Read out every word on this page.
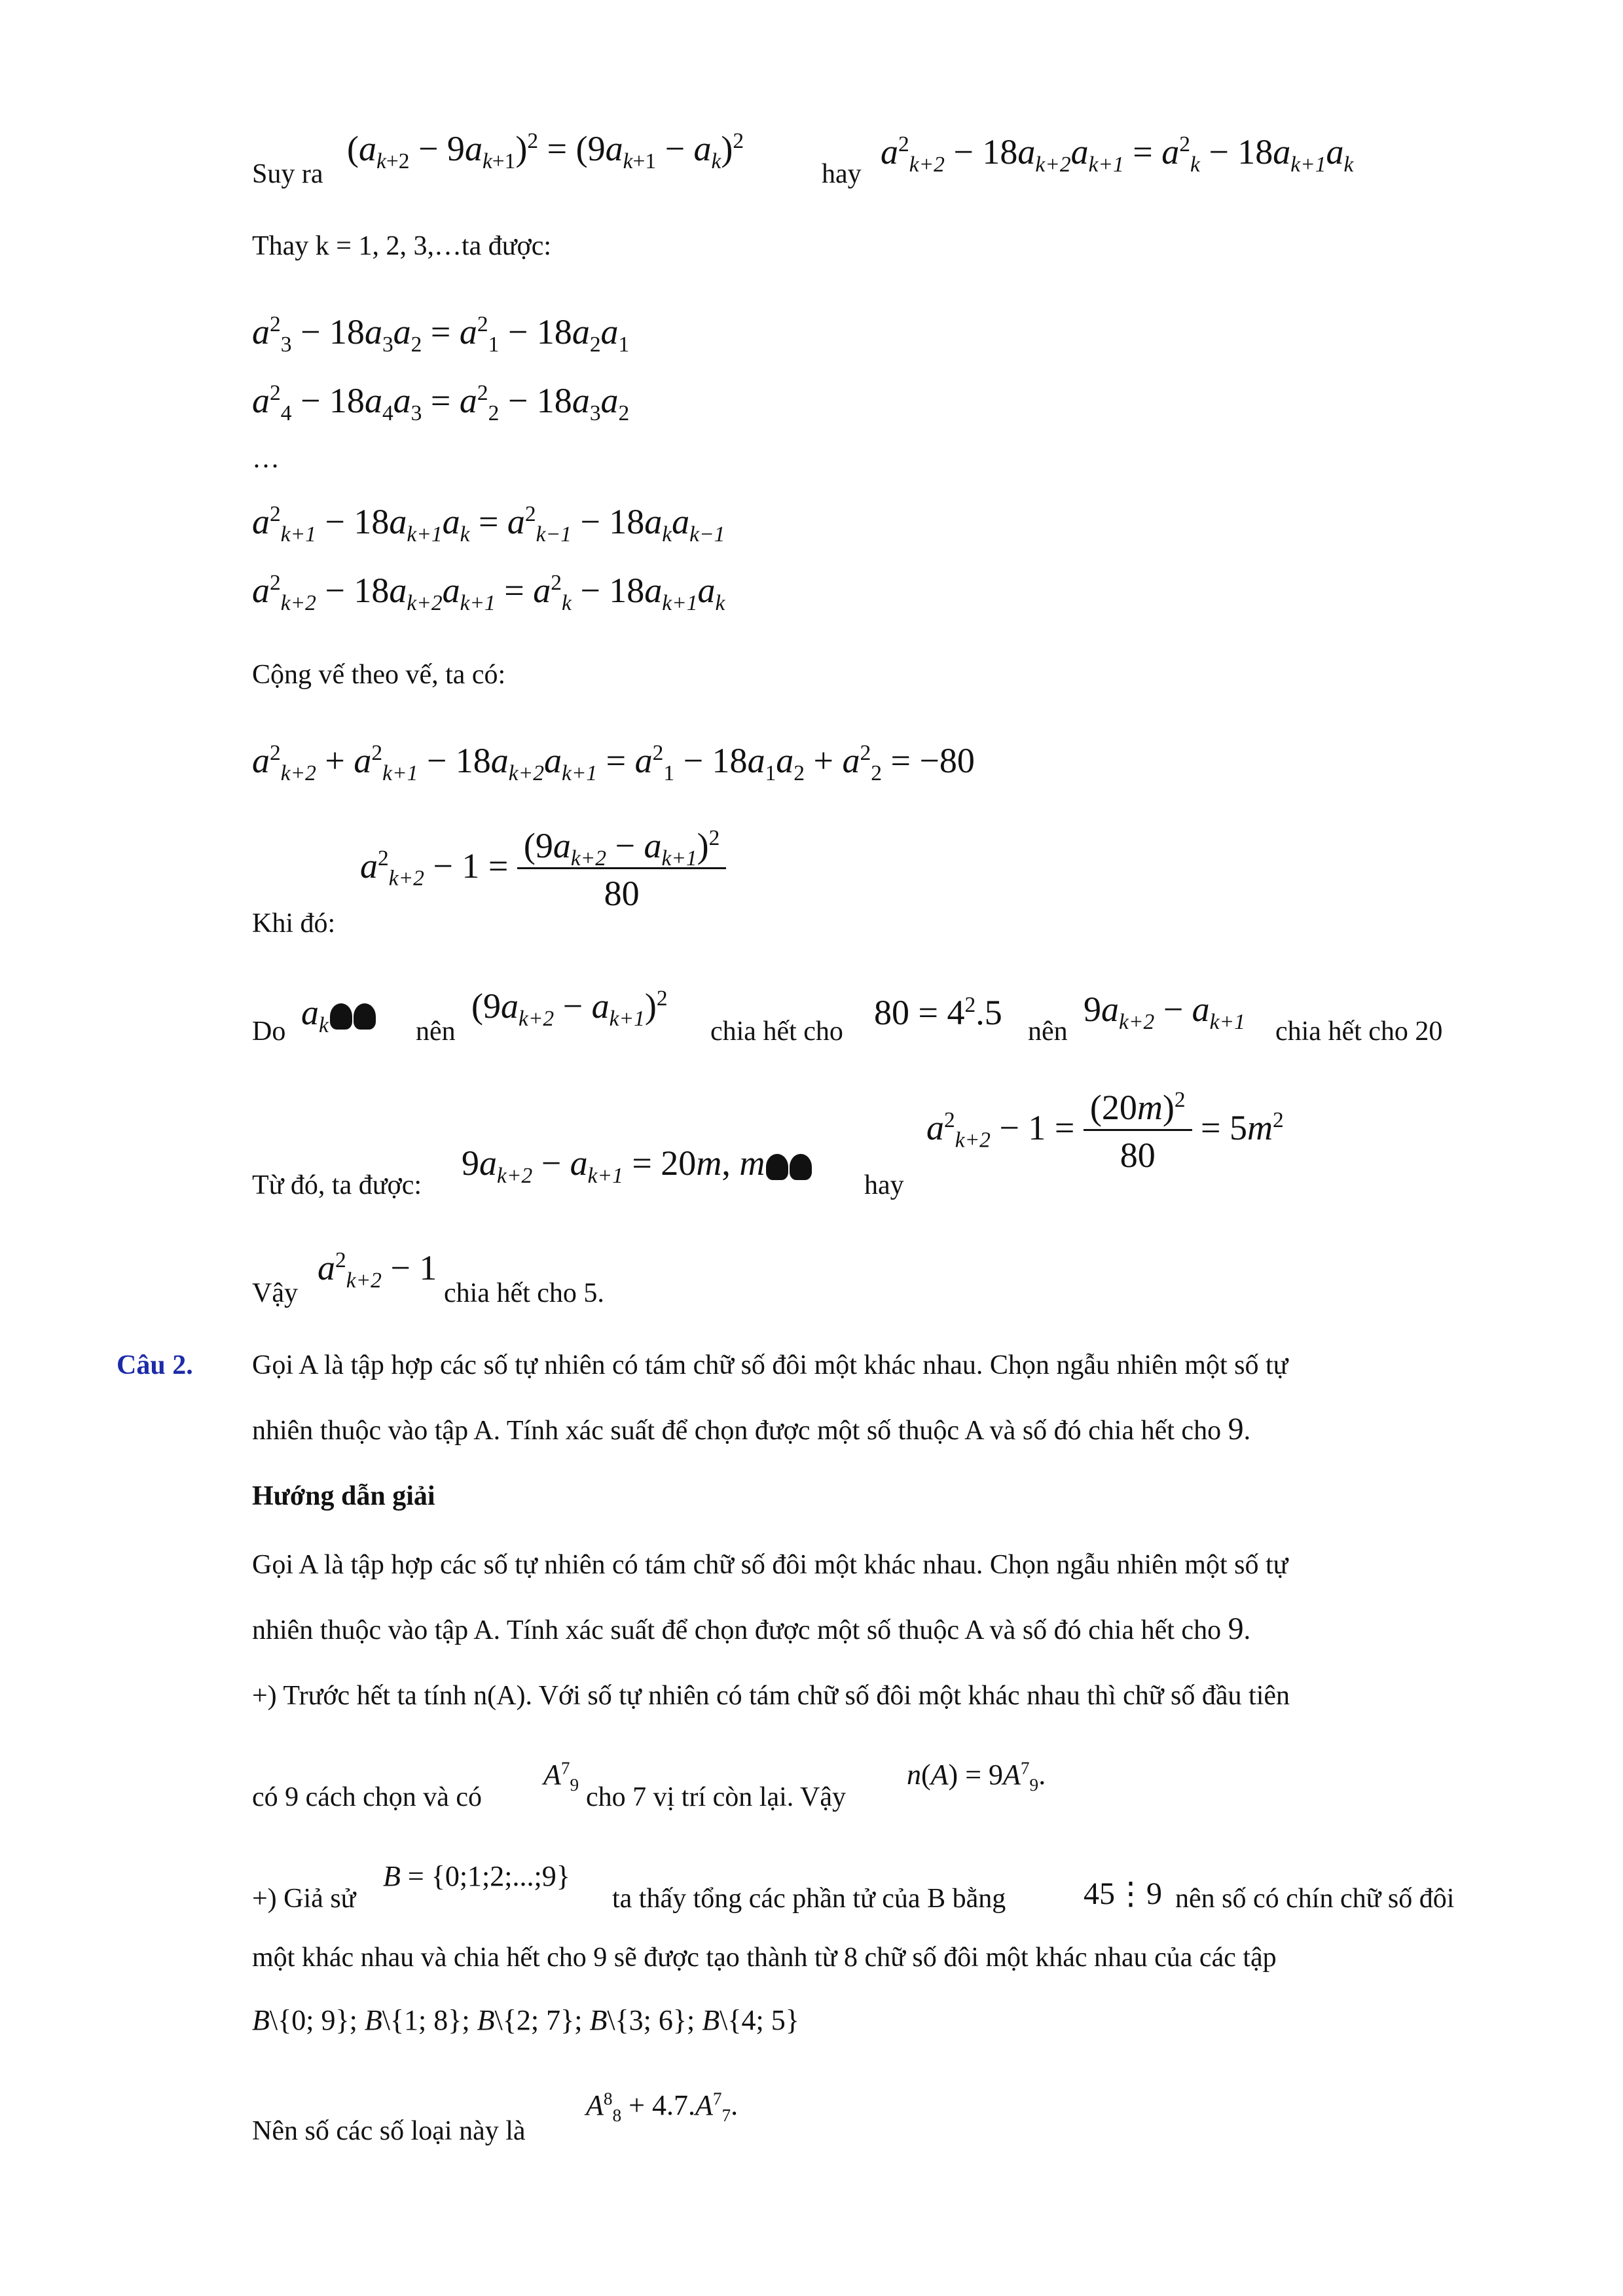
Suy ra
$(a_{k+2} - 9a_{k+1})^2 = (9a_{k+1} - a_k)^2$
hay
$a^2_{k+2} - 18a_{k+2}a_{k+1} = a^2_k - 18a_{k+1}a_k$
Thay k = 1, 2, 3,…ta được:
$a^2_3 - 18a_3a_2 = a^2_1 - 18a_2a_1$
$a^2_4 - 18a_4a_3 = a^2_2 - 18a_3a_2$
…
$a^2_{k+1} - 18a_{k+1}a_k = a^2_{k-1} - 18a_ka_{k-1}$
$a^2_{k+2} - 18a_{k+2}a_{k+1} = a^2_k - 18a_{k+1}a_k$
Cộng vế theo vế, ta có:
$a^2_{k+2} + a^2_{k+1} - 18a_{k+2}a_{k+1} = a^2_1 - 18a_1a_2 + a^2_2 = -80$
Khi đó:
$a^2_{k+2} - 1 = \frac{(9a_{k+2} - a_{k+1})^2}{80}$
Do $a_k$	nên
$(9a_{k+2} - a_{k+1})^2$
chia hết cho $80 = 4^2.5$ nên
$9a_{k+2} - a_{k+1}$ chia hết cho 20
Từ đó, ta được:
$9a_{k+2} - a_{k+1} = 20m$, m
hay
$a^2_{k+2} - 1 = \frac{(20m)^2}{80} = 5m^2$
Vậy
$a^2_{k+2} - 1$
chia hết cho 5.
Câu 2. Gọi A là tập hợp các số tự nhiên có tám chữ số đôi một khác nhau. Chọn ngẫu nhiên một số tự
nhiên thuộc vào tập A. Tính xác suất để chọn được một số thuộc A và số đó chia hết cho 9.
Hướng dẫn giải
Gọi A là tập hợp các số tự nhiên có tám chữ số đôi một khác nhau. Chọn ngẫu nhiên một số tự
nhiên thuộc vào tập A. Tính xác suất để chọn được một số thuộc A và số đó chia hết cho 9.
+) Trước hết ta tính n(A). Với số tự nhiên có tám chữ số đôi một khác nhau thì chữ số đầu tiên
có 9 cách chọn và có
$A^7_9$ cho 7 vị trí còn lại. Vậy
$n(A) = 9A^7_9$.
+) Giả sử
B = {0;1;2;...;9}
ta thấy tổng các phần tử của B bằng 45⋮9 nên số có chín chữ số đôi
một khác nhau và chia hết cho 9 sẽ được tạo thành từ 8 chữ số đôi một khác nhau của các tập
B\{0; 9}; B\{1; 8}; B\{2; 7}; B\{3; 6}; B\{4; 5}
Nên số các số loại này là
$A^8_8 + 4.7.A^7_7$.
